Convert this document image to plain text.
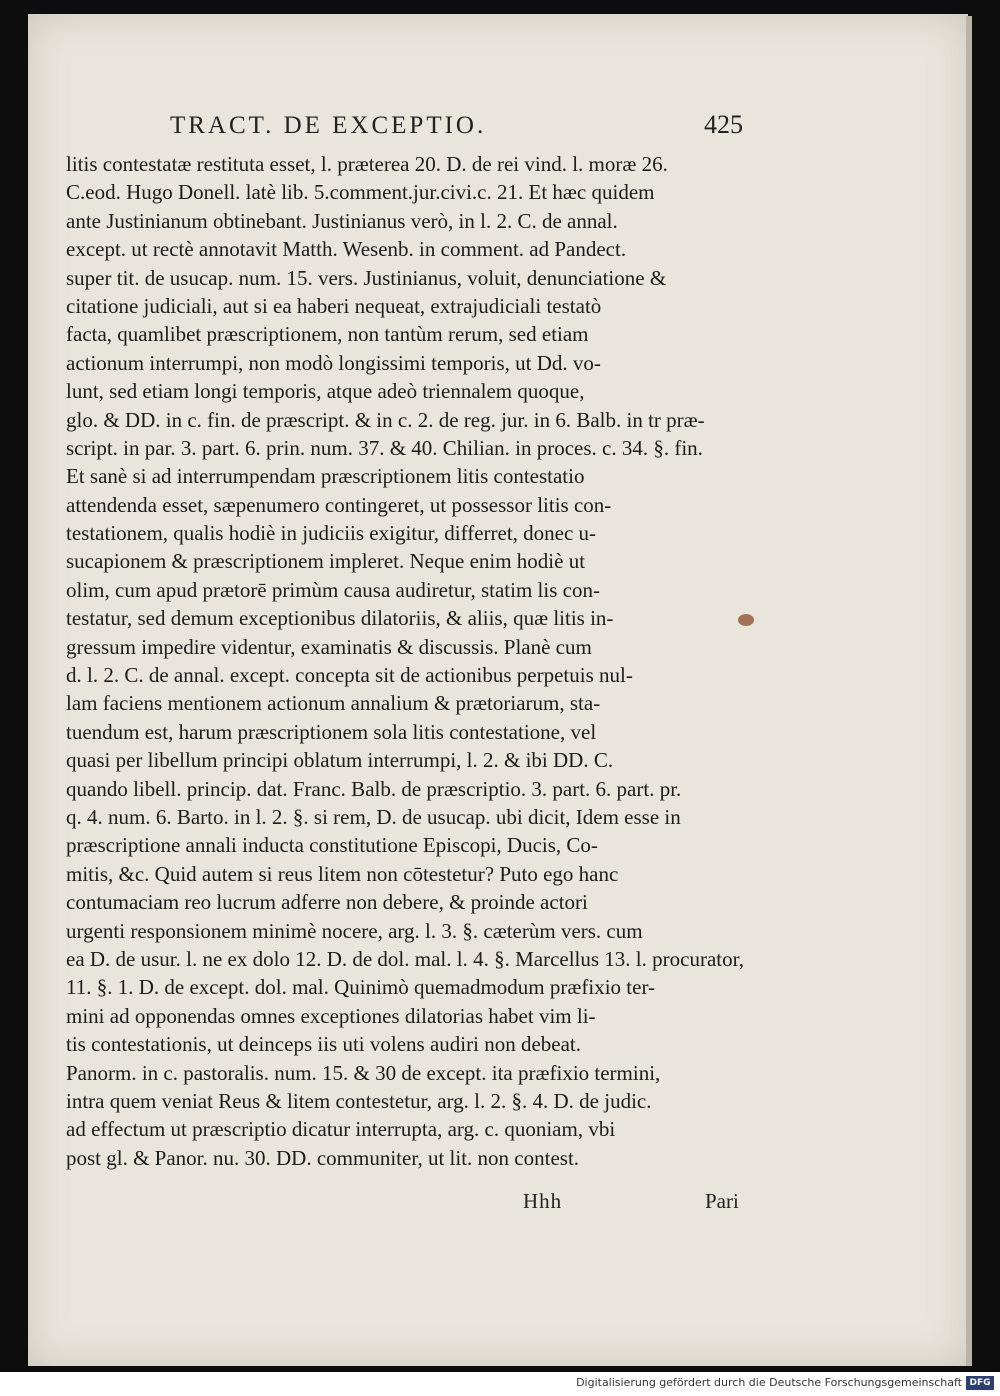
TRACT. DE EXCEPTIO.	425
litis contestatæ restituta esset, l. præterea 20. D. de rei vind. l. moræ 26.
C.eod. Hugo Donell. latè lib. 5.comment.jur.civi.c. 21. Et hæc quidem
ante Justinianum obtinebant. Justinianus verò, in l. 2. C. de annal.
except. ut rectè annotavit Matth. Wesenb. in comment. ad Pandect.
super tit. de usucap. num. 15. vers. Justinianus, voluit, denunciatione &
citatione judiciali, aut si ea haberi nequeat, extrajudiciali testatò
facta, quamlibet præscriptionem, non tantùm rerum, sed etiam
actionum interrumpi, non modò longissimi temporis, ut Dd. vo-
lunt, sed etiam longi temporis, atque adeò triennalem quoque,
glo. & DD. in c. fin. de præscript. & in c. 2. de reg. jur. in 6. Balb. in tr præ-
script. in par. 3. part. 6. prin. num. 37. & 40. Chilian. in proces. c. 34. §. fin.
Et sanè si ad interrumpendam præscriptionem litis contestatio
attendenda esset, sæpenumero contingeret, ut possessor litis con-
testationem, qualis hodiè in judiciis exigitur, differret, donec u-
sucapionem & præscriptionem impleret. Neque enim hodiè ut
olim, cum apud prætorē primùm causa audiretur, statim lis con-
testatur, sed demum exceptionibus dilatoriis, & aliis, quæ litis in-
gressum impedire videntur, examinatis & discussis. Planè cum
d. l. 2. C. de annal. except. concepta sit de actionibus perpetuis nul-
lam faciens mentionem actionum annalium & prætoriarum, sta-
tuendum est, harum præscriptionem sola litis contestatione, vel
quasi per libellum principi oblatum interrumpi, l. 2. & ibi DD. C.
quando libell. princip. dat. Franc. Balb. de præscriptio. 3. part. 6. part. pr.
q. 4. num. 6. Barto. in l. 2. §. si rem, D. de usucap. ubi dicit, Idem esse in
præscriptione annali inducta constitutione Episcopi, Ducis, Co-
mitis, &c. Quid autem si reus litem non cōtestetur? Puto ego hanc
contumaciam reo lucrum adferre non debere, & proinde actori
urgenti responsionem minimè nocere, arg. l. 3. §. cæterùm vers. cum
ea D. de usur. l. ne ex dolo 12. D. de dol. mal. l. 4. §. Marcellus 13. l. procurator,
11. §. 1. D. de except. dol. mal. Quinimò quemadmodum præfixio ter-
mini ad opponendas omnes exceptiones dilatorias habet vim li-
tis contestationis, ut deinceps iis uti volens audiri non debeat.
Panorm. in c. pastoralis. num. 15. & 30 de except. ita præfixio termini,
intra quem veniat Reus & litem contestetur, arg. l. 2. §. 4. D. de judic.
ad effectum ut præscriptio dicatur interrupta, arg. c. quoniam, vbi
post gl. & Panor. nu. 30. DD. communiter, ut lit. non contest.
Hhh	Pari
Digitalisierung gefördert durch die Deutsche Forschungsgemeinschaft DFG
